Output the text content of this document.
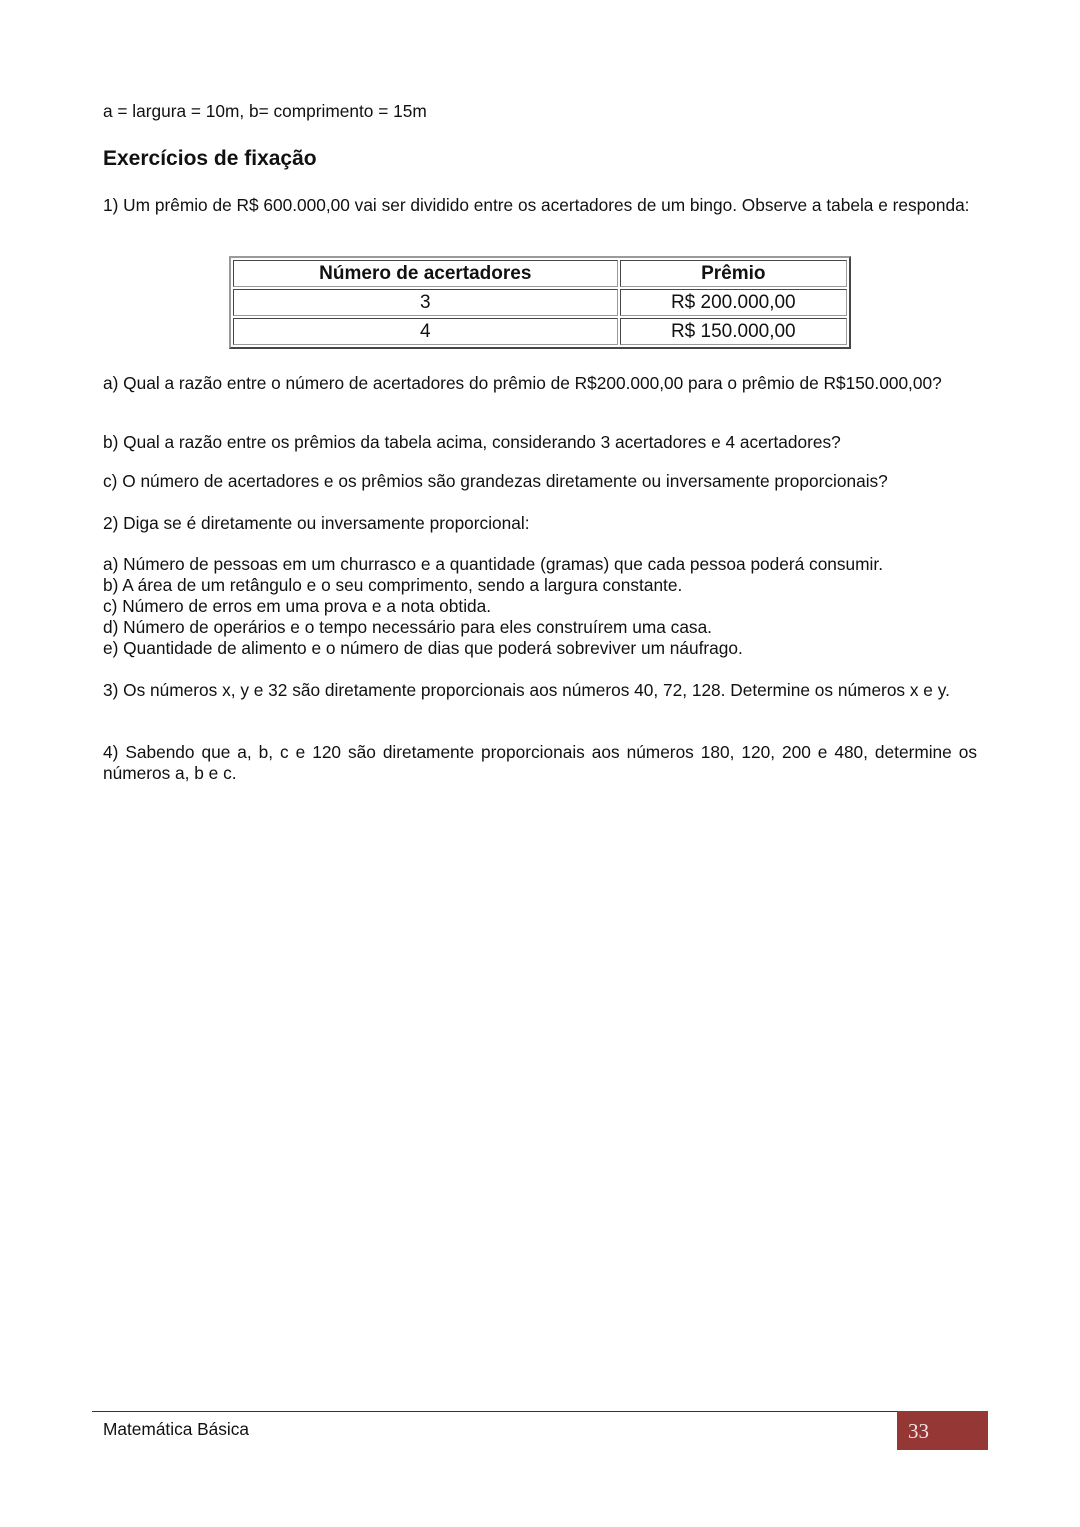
a = largura = 10m, b= comprimento = 15m

Exercícios de fixação

1) Um prêmio de R$ 600.000,00 vai ser dividido entre os acertadores de um bingo. Observe a tabela e responda:

Número de acertadores	Prêmio
3	R$ 200.000,00
4	R$ 150.000,00

a) Qual a razão entre o número de acertadores do prêmio de R$200.000,00 para o prêmio de R$150.000,00?

b) Qual a razão entre os prêmios da tabela acima, considerando 3 acertadores e 4 acertadores?

c) O número de acertadores e os prêmios são grandezas diretamente ou inversamente proporcionais?

2) Diga se é diretamente ou inversamente proporcional:

a) Número de pessoas em um churrasco e a quantidade (gramas) que cada pessoa poderá consumir.
b) A área de um retângulo e o seu comprimento, sendo a largura constante.
c) Número de erros em uma prova e a nota obtida.
d) Número de operários e o tempo necessário para eles construírem uma casa.
e) Quantidade de alimento e o número de dias que poderá sobreviver um náufrago.

3) Os números x, y e 32 são diretamente proporcionais aos números 40, 72, 128. Determine os números x e y.

4) Sabendo que a, b, c e 120 são diretamente proporcionais aos números 180, 120, 200 e 480, determine os números a, b e c.

Matemática Básica	33
